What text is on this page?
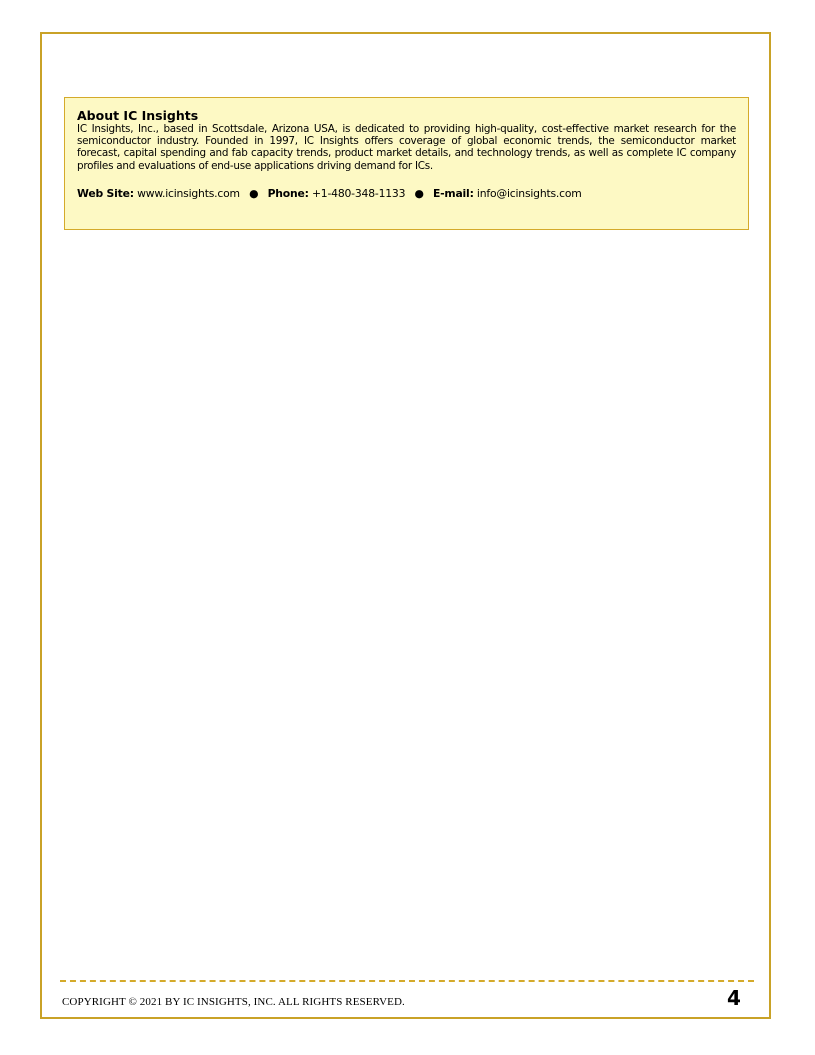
About IC Insights

IC Insights, Inc., based in Scottsdale, Arizona USA, is dedicated to providing high-quality, cost-effective market research for the semiconductor industry. Founded in 1997, IC Insights offers coverage of global economic trends, the semiconductor market forecast, capital spending and fab capacity trends, product market details, and technology trends, as well as complete IC company profiles and evaluations of end-use applications driving demand for ICs.

Web Site: www.icinsights.com ● Phone: +1-480-348-1133 ● E-mail: info@icinsights.com
COPYRIGHT © 2021 BY IC INSIGHTS, INC. ALL RIGHTS RESERVED.	4
